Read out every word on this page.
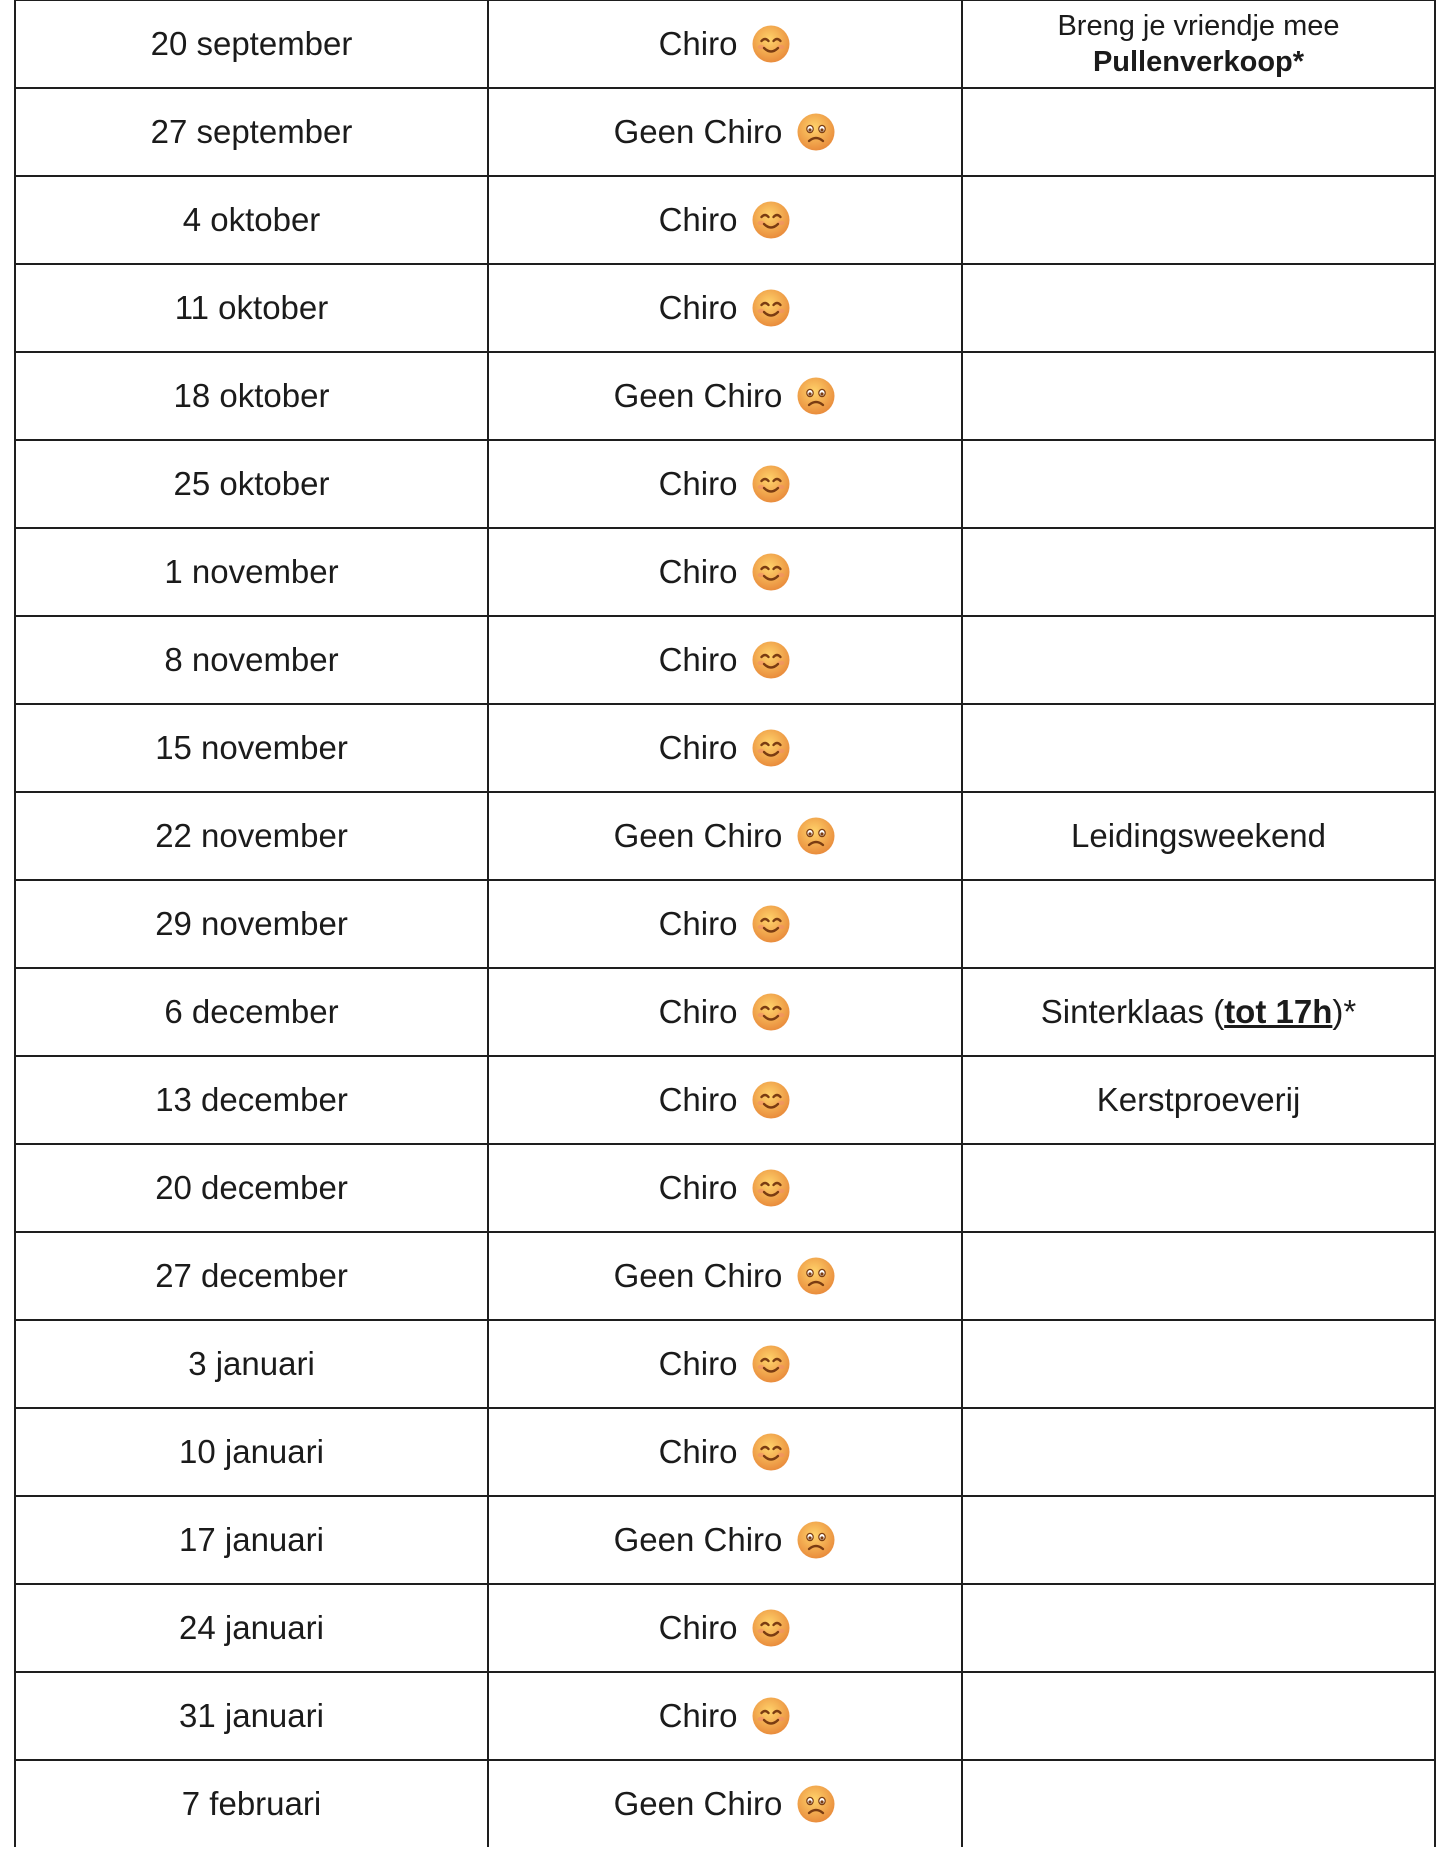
20 september	Chiro	Breng je vriendje mee
Pullenverkoop*

27 september	Geen Chiro	

4 oktober	Chiro	

11 oktober	Chiro	

18 oktober	Geen Chiro	

25 oktober	Chiro	

1 november	Chiro	

8 november	Chiro	

15 november	Chiro	

22 november	Geen Chiro	Leidingsweekend
29 november	Chiro	

6 december	Chiro	Sinterklaas (tot 17h)*
13 december	Chiro	Kerstproeverij
20 december	Chiro	

27 december	Geen Chiro	

3 januari	Chiro	

10 januari	Chiro	

17 januari	Geen Chiro	

24 januari	Chiro	

31 januari	Chiro	

7 februari	Geen Chiro	
